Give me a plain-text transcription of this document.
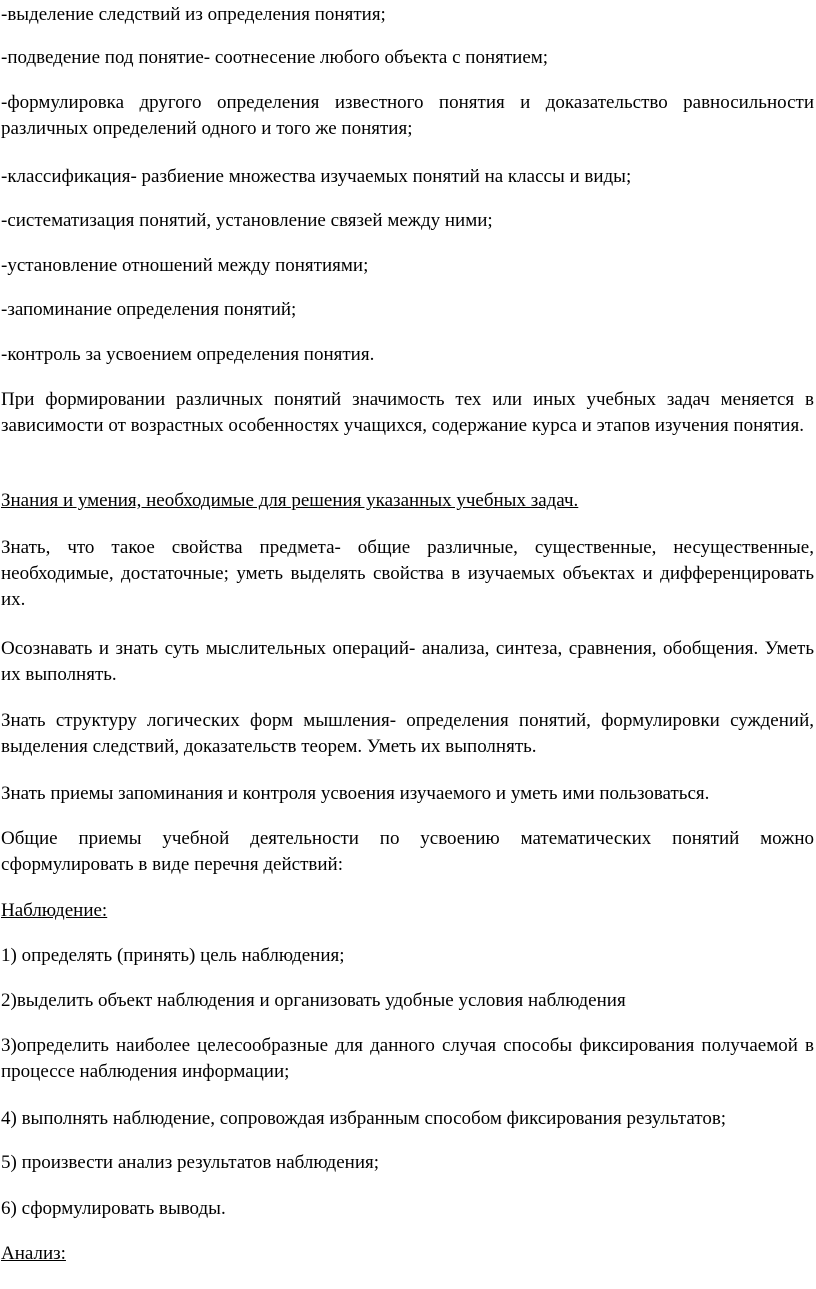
-выделение следствий из определения понятия;

-подведение под понятие- соотнесение любого объекта с понятием;

-формулировка другого определения известного понятия и доказательство равносильности различных определений одного и того же понятия;

-классификация- разбиение множества изучаемых понятий на классы и виды;

-систематизация понятий, установление связей между ними;

-установление отношений между понятиями;

-запоминание определения понятий;

-контроль за усвоением определения понятия.

При формировании различных понятий значимость тех или иных учебных задач меняется в зависимости от возрастных особенностях учащихся, содержание курса и этапов изучения понятия.

Знания и умения, необходимые для решения указанных учебных задач.

Знать, что такое свойства предмета- общие различные, существенные, несущественные, необходимые, достаточные; уметь выделять свойства в изучаемых объектах и дифференцировать их.

Осознавать и знать суть мыслительных операций- анализа, синтеза, сравнения, обобщения. Уметь их выполнять.

Знать структуру логических форм мышления- определения понятий, формулировки суждений, выделения следствий, доказательств теорем. Уметь их выполнять.

Знать приемы запоминания и контроля усвоения изучаемого и уметь ими пользоваться.

Общие приемы учебной деятельности по усвоению математических понятий можно сформулировать в виде перечня действий:

Наблюдение:

1) определять (принять) цель наблюдения;

2)выделить объект наблюдения и организовать удобные условия наблюдения

3)определить наиболее целесообразные для данного случая способы фиксирования получаемой в процессе наблюдения информации;

4) выполнять наблюдение, сопровождая избранным способом фиксирования результатов;

5) произвести анализ результатов наблюдения;

6) сформулировать выводы.

Анализ:
